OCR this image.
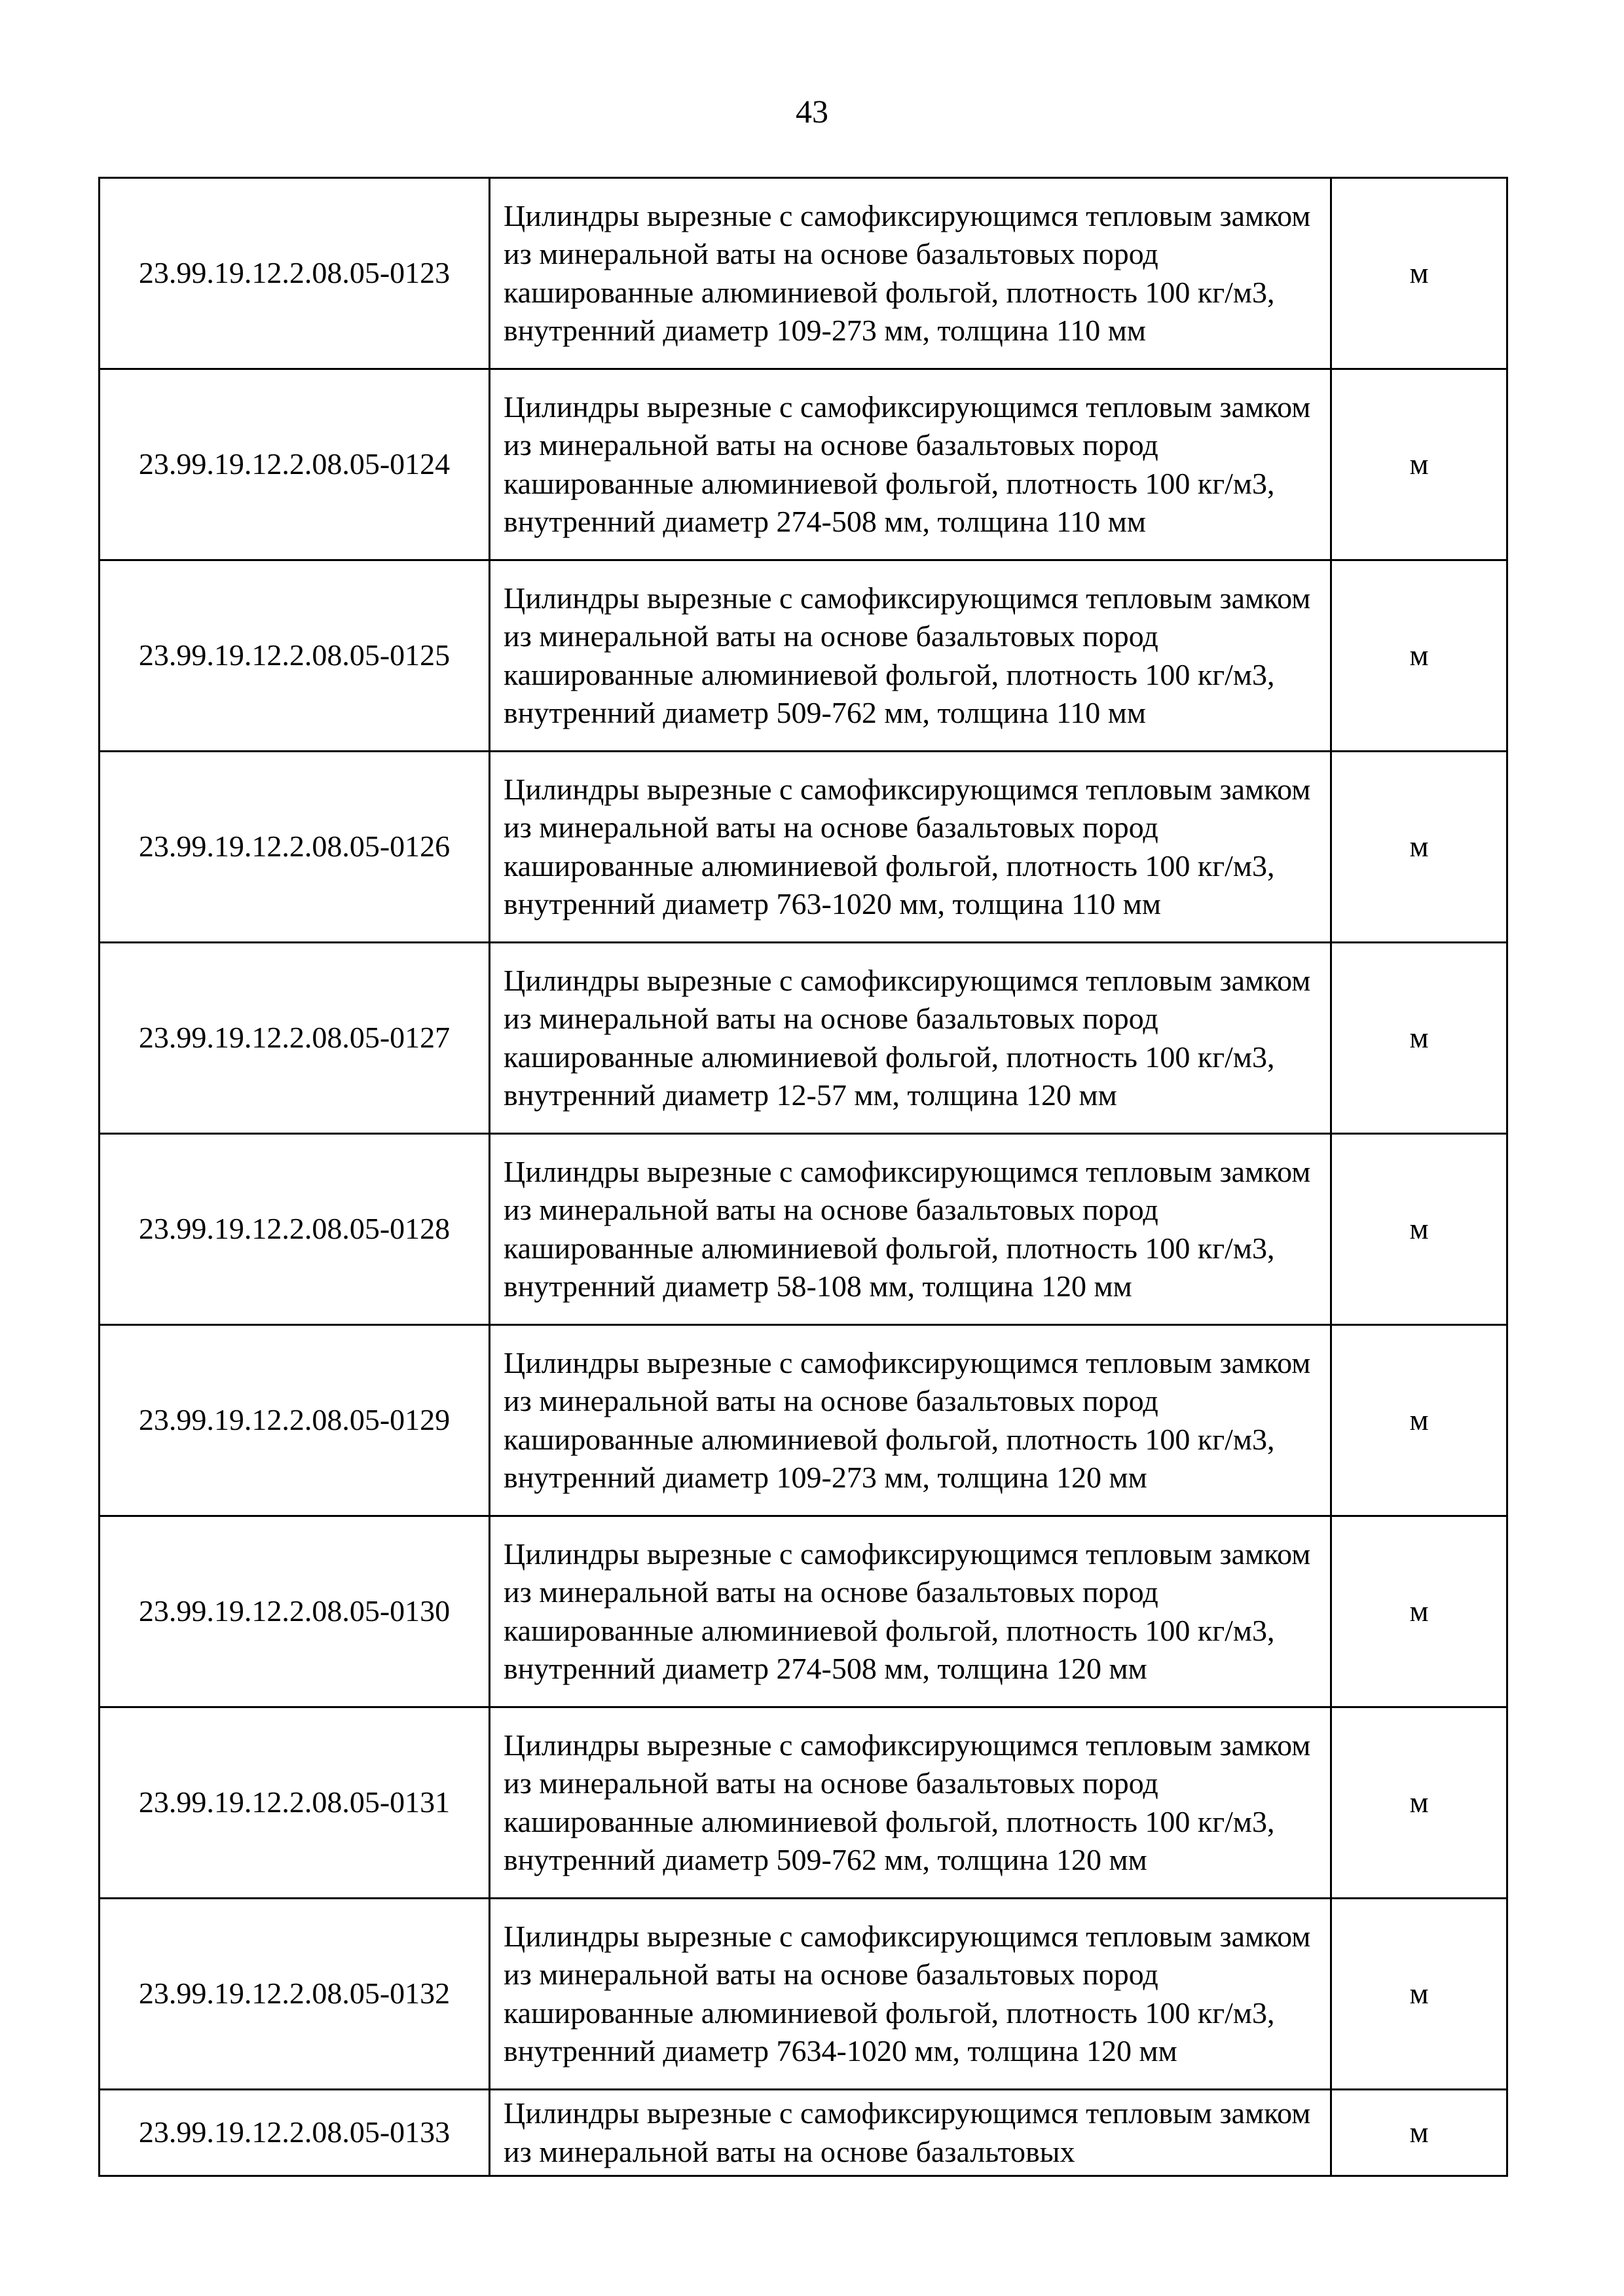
43
23.99.19.12.2.08.05-0123	Цилиндры вырезные с самофиксирующимся тепловым замком из минеральной ваты на основе базальтовых пород кашированные алюминиевой фольгой, плотность 100 кг/м3, внутренний диаметр 109-273 мм, толщина 110 мм	м
23.99.19.12.2.08.05-0124	Цилиндры вырезные с самофиксирующимся тепловым замком из минеральной ваты на основе базальтовых пород кашированные алюминиевой фольгой, плотность 100 кг/м3, внутренний диаметр 274-508 мм, толщина 110 мм	м
23.99.19.12.2.08.05-0125	Цилиндры вырезные с самофиксирующимся тепловым замком из минеральной ваты на основе базальтовых пород кашированные алюминиевой фольгой, плотность 100 кг/м3, внутренний диаметр 509-762 мм, толщина 110 мм	м
23.99.19.12.2.08.05-0126	Цилиндры вырезные с самофиксирующимся тепловым замком из минеральной ваты на основе базальтовых пород кашированные алюминиевой фольгой, плотность 100 кг/м3, внутренний диаметр 763-1020 мм, толщина 110 мм	м
23.99.19.12.2.08.05-0127	Цилиндры вырезные с самофиксирующимся тепловым замком из минеральной ваты на основе базальтовых пород кашированные алюминиевой фольгой, плотность 100 кг/м3, внутренний диаметр 12-57 мм, толщина 120 мм	м
23.99.19.12.2.08.05-0128	Цилиндры вырезные с самофиксирующимся тепловым замком из минеральной ваты на основе базальтовых пород кашированные алюминиевой фольгой, плотность 100 кг/м3, внутренний диаметр 58-108 мм, толщина 120 мм	м
23.99.19.12.2.08.05-0129	Цилиндры вырезные с самофиксирующимся тепловым замком из минеральной ваты на основе базальтовых пород кашированные алюминиевой фольгой, плотность 100 кг/м3, внутренний диаметр 109-273 мм, толщина 120 мм	м
23.99.19.12.2.08.05-0130	Цилиндры вырезные с самофиксирующимся тепловым замком из минеральной ваты на основе базальтовых пород кашированные алюминиевой фольгой, плотность 100 кг/м3, внутренний диаметр 274-508 мм, толщина 120 мм	м
23.99.19.12.2.08.05-0131	Цилиндры вырезные с самофиксирующимся тепловым замком из минеральной ваты на основе базальтовых пород кашированные алюминиевой фольгой, плотность 100 кг/м3, внутренний диаметр 509-762 мм, толщина 120 мм	м
23.99.19.12.2.08.05-0132	Цилиндры вырезные с самофиксирующимся тепловым замком из минеральной ваты на основе базальтовых пород кашированные алюминиевой фольгой, плотность 100 кг/м3, внутренний диаметр 7634-1020 мм, толщина 120 мм	м
23.99.19.12.2.08.05-0133	Цилиндры вырезные с самофиксирующимся тепловым замком из минеральной ваты на основе базальтовых	м
